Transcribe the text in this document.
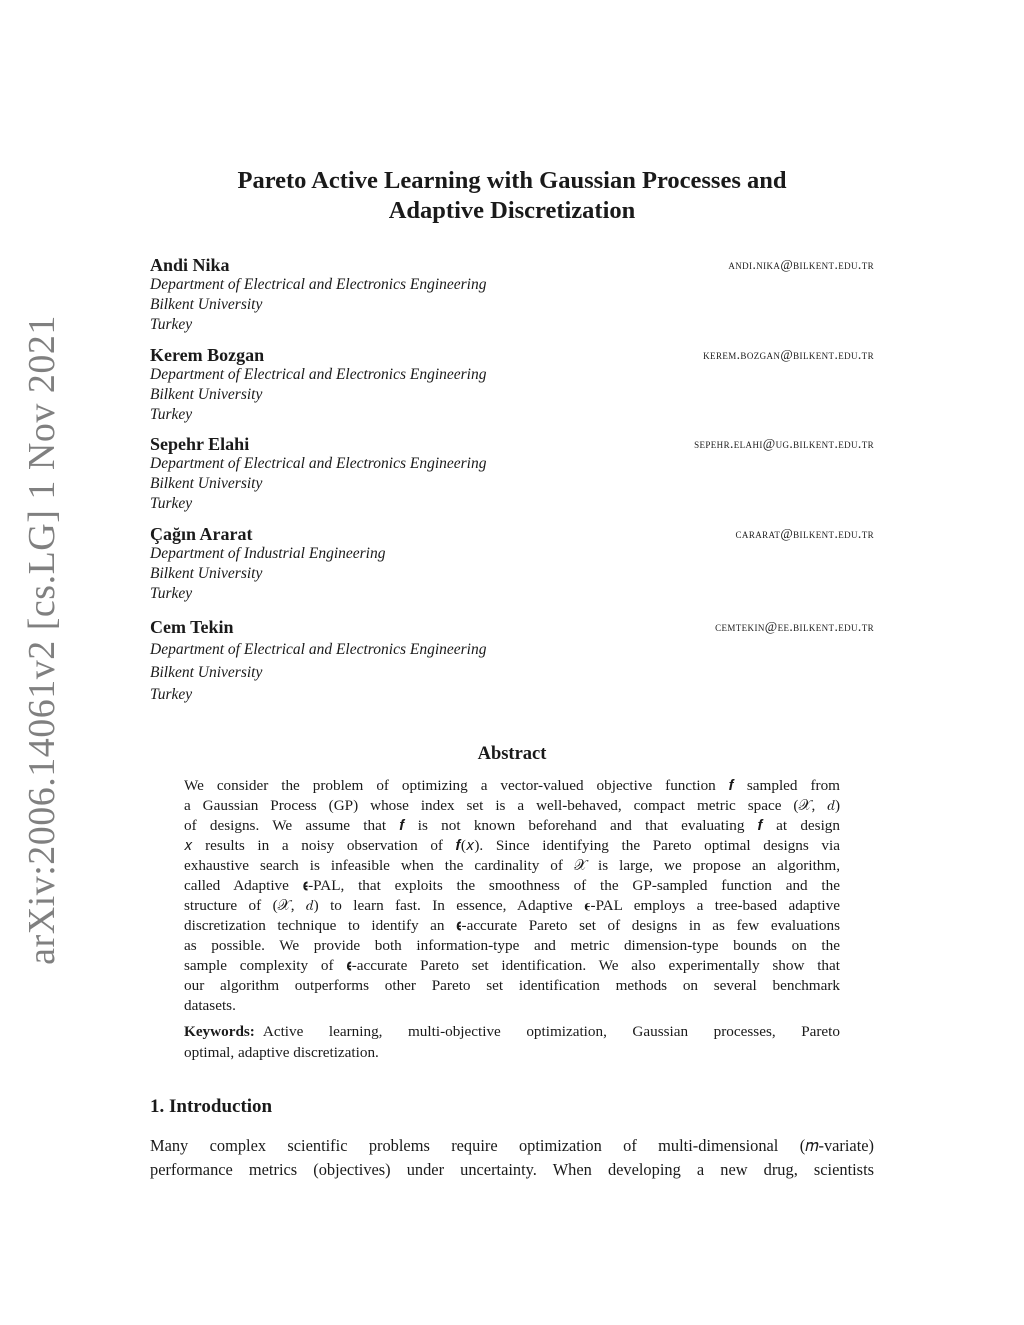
arXiv:2006.14061v2 [cs.LG] 1 Nov 2021
Pareto Active Learning with Gaussian Processes and
Adaptive Discretization
Andi Nika	andi.nika@bilkent.edu.tr
Department of Electrical and Electronics Engineering
Bilkent University
Turkey
Kerem Bozgan	kerem.bozgan@bilkent.edu.tr
Department of Electrical and Electronics Engineering
Bilkent University
Turkey
Sepehr Elahi	sepehr.elahi@ug.bilkent.edu.tr
Department of Electrical and Electronics Engineering
Bilkent University
Turkey
Çağın Ararat	cararat@bilkent.edu.tr
Department of Industrial Engineering
Bilkent University
Turkey
Cem Tekin	cemtekin@ee.bilkent.edu.tr
Department of Electrical and Electronics Engineering
Bilkent University
Turkey
Abstract
We consider the problem of optimizing a vector-valued objective function 𝒇 sampled from
a Gaussian Process (GP) whose index set is a well-behaved, compact metric space (𝒳, 𝑑)
of designs. We assume that 𝒇 is not known beforehand and that evaluating 𝒇 at design
𝑥 results in a noisy observation of 𝒇(𝑥). Since identifying the Pareto optimal designs via
exhaustive search is infeasible when the cardinality of 𝒳 is large, we propose an algorithm,
called Adaptive 𝛜-PAL, that exploits the smoothness of the GP-sampled function and the
structure of (𝒳, 𝑑) to learn fast. In essence, Adaptive 𝛜-PAL employs a tree-based adaptive
discretization technique to identify an 𝛜-accurate Pareto set of designs in as few evaluations
as possible. We provide both information-type and metric dimension-type bounds on the
sample complexity of 𝛜-accurate Pareto set identification. We also experimentally show that
our algorithm outperforms other Pareto set identification methods on several benchmark
datasets.
Keywords: Active learning, multi-objective optimization, Gaussian processes, Pareto
optimal, adaptive discretization.
1. Introduction
Many complex scientific problems require optimization of multi-dimensional (𝑚-variate)
performance metrics (objectives) under uncertainty. When developing a new drug, scientists
